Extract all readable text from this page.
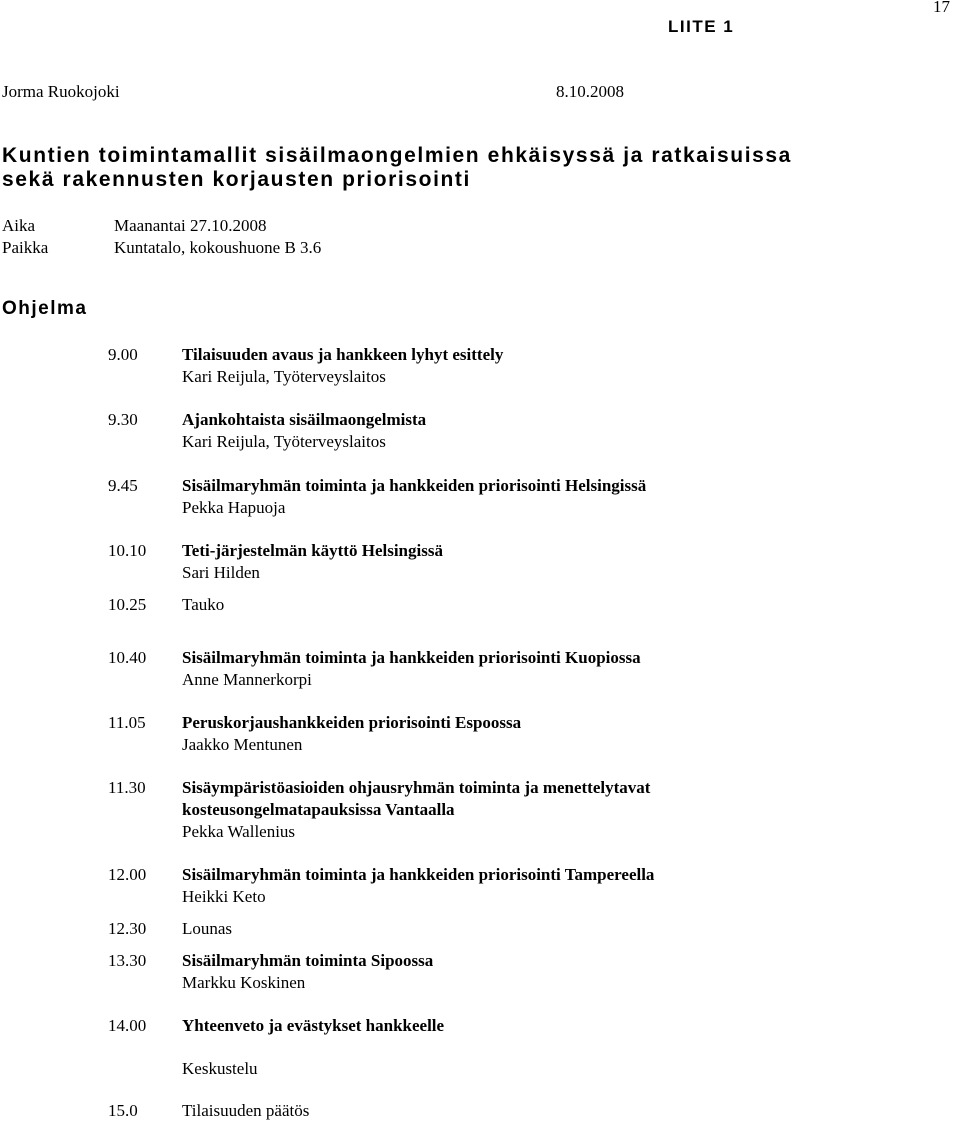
17
LIITE 1
Jorma Ruokojoki	8.10.2008
Kuntien toimintamallit sisäilmaongelmien ehkäisyssä ja ratkaisuissa
sekä rakennusten korjausten priorisointi
Aika	Maanantai 27.10.2008
Paikka	Kuntatalo, kokoushuone B 3.6
Ohjelma
9.00	Tilaisuuden avaus ja hankkeen lyhyt esittely
Kari Reijula, Työterveyslaitos
9.30	Ajankohtaista sisäilmaongelmista
Kari Reijula, Työterveyslaitos
9.45	Sisäilmaryhmän toiminta ja hankkeiden priorisointi Helsingissä
Pekka Hapuoja
10.10 Teti-järjestelmän käyttö Helsingissä
Sari Hilden
10.25 Tauko
10.40 Sisäilmaryhmän toiminta ja hankkeiden priorisointi Kuopiossa
Anne Mannerkorpi
11.05 Peruskorjaushankkeiden priorisointi Espoossa
Jaakko Mentunen
11.30 Sisäympäristöasioiden ohjausryhmän toiminta ja menettelytavat
kosteusongelmatapauksissa Vantaalla
Pekka Wallenius
12.00 Sisäilmaryhmän toiminta ja hankkeiden priorisointi Tampereella
Heikki Keto
12.30 Lounas
13.30 Sisäilmaryhmän toiminta Sipoossa
Markku Koskinen
14.00 Yhteenveto ja evästykset hankkeelle
Keskustelu
15.0	Tilaisuuden päätös
